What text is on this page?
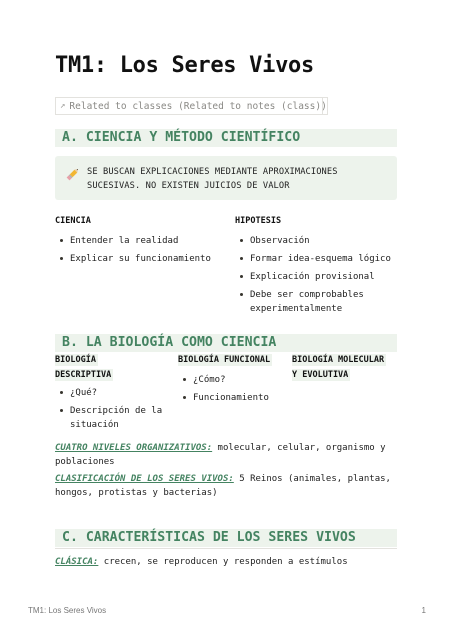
TM1: Los Seres Vivos
↗ Related to classes (Related to notes (class))
A. CIENCIA Y MÉTODO CIENTÍFICO
SE BUSCAN EXPLICACIONES MEDIANTE APROXIMACIONES SUCESIVAS. NO EXISTEN JUICIOS DE VALOR
CIENCIA
Entender la realidad
Explicar su funcionamiento
HIPOTESIS
Observación
Formar idea-esquema lógico
Explicación provisional
Debe ser comprobables experimentalmente
B. LA BIOLOGÍA COMO CIENCIA
BIOLOGÍA
DESCRIPTIVA
¿Qué?
Descripción de la situación
BIOLOGÍA FUNCIONAL
¿Cómo?
Funcionamiento
BIOLOGÍA MOLECULAR
Y EVOLUTIVA
CUATRO NIVELES ORGANIZATIVOS: molecular, celular, organismo y poblaciones
CLASIFICACIÓN DE LOS SERES VIVOS: 5 Reinos (animales, plantas, hongos, protistas y bacterias)
C. CARACTERÍSTICAS DE LOS SERES VIVOS
CLÁSICA: crecen, se reproducen y responden a estímulos
TM1: Los Seres Vivos	1
